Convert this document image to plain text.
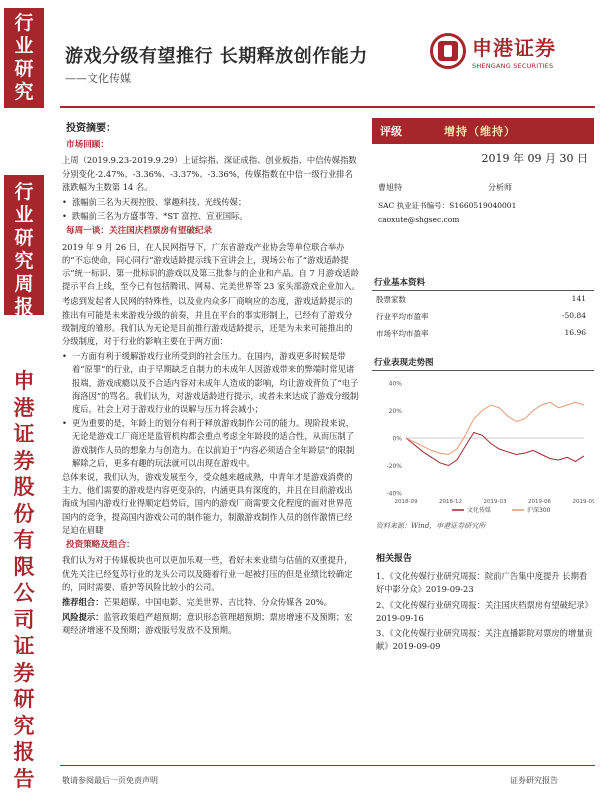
行
业
研
究
行
业
研
究
周
报
申
港
证
券
股
份
有
限
公
司
证
券
研
究
报
告
游戏分级有望推行 长期释放创作能力
——文化传媒
申港证券
SHENGANG SECURITIES
投资摘要：
市场回顾：
上周（2019.9.23-2019.9.29）上证综指、深证成指、创业板指、中信传媒指数分别变化-2.47%、-3.36%、-3.37%、-3.36%，传媒指数在中信一级行业排名涨跌幅为主数第 14 名。
• 涨幅前三名为天视控股、掌趣科技、光线传媒；
• 跌幅前三名为方盛事等、*ST 富控、宣亚国际。
每周一谈：关注国庆档票房有望破纪录
2019 年 9 月 26 日，在人民网指导下，广东省游戏产业协会等单位联合举办的“不忘使命，同心同行”游戏适龄提示线下宣讲会上，现场公布了“游戏适龄提示”统一标识、第一批标识的游戏以及第三批参与的企业和产品。自 7 月游戏适龄提示平台上线，至今已有包括腾讯、网易、完美世界等 23 家头部游戏企业加入。
考虑到发起者人民网的特殊性，以及业内众多厂商响应的态度，游戏适龄提示的推出有可能是未来游戏分级的前奏，并且在平台的事实形制上，已经有了游戏分级制度的雏形。我们认为无论是目前推行游戏适龄提示，还是为未来可能推出的分级制度，对于行业的影响主要在于两方面：
• 一方面有利于缓解游戏行业所受到的社会压力。在国内，游戏更多时候是带着“原罪”的行业，由于早期缺乏自制力的未成年人因游戏带来的弊端时常见诸报端，游戏成瘾以及不合适内容对未成年人造成的影响，均让游戏背负了“电子海洛因”的骂名。我们认为，对游戏适龄进行提示，或者未来达成了游戏分级制度后，社会上对于游戏行业的误解与压力将会减小；
• 更为重要的是，年龄上的划分有利于释放游戏制作公司的能力。现阶段来说，无论是游戏工厂商还是监管机构都会重点考虑全年龄段的适合性，从而压制了游戏制作人员的想象力与创造力。在以前迫于“内容必须适合全年龄层”的限制解除之后，更多有趣的玩法就可以出现在游戏中。
总体来说，我们认为，游戏发展至今，受众越来越成熟，中青年才是游戏消费的主力，他们需要的游戏是内容更变杂的，内涵更具有深度的，并且在目前游戏出海成为国内游戏行业得顺定趋势后，国内的游戏厂商需要文化程度的面对世界范国内的竞争，提高国内游戏公司的制作能力，制激游戏制作人员的创作激情已经足迫在眉睫
投资策略及组合：
我们认为对于传媒板块也可以更加乐观一些，看好未来业绩与估值的双重提升，优先关注已经复苏行业的龙头公司以及随着行业一起被打压的但是业绩比较确定的，同时需要、盾护等风险比较小的公司。
推荐组合：芒果超媒、中国电影、完美世界、吉比特、分众传媒各 20%。
风险提示：监管政策趋严超预期；意识形态管理超预期；票房增速不及预期；宏观经济增速不及预期；游戏版号发放不及预期。
评级	增持（维持）
2019 年 09 月 30 日
曹旭特	分析师
SAC 执业证书编号：S1660519040001
caoxute@shgsec.com
行业基本资料
股票家数	141
行业平均市盈率	-50.84
市场平均市盈率	16.96
行业表现走势图
-40%
-20%
0%
20%
40%
2018-09	2018-12	2019-03	2019-06	2019-09
文化传媒	沪深300
资料来源：Wind，申港证券研究所
相关报告
1、《文化传媒行业研究周报：院前广告集中度提升 长期看好中影分众》2019-09-23
2、《文化传媒行业研究周报：关注国庆档票房有望破纪录》2019-09-16
3、《文化传媒行业研究周报：关注直播影院对票房的增量贡献》2019-09-09
敬请参阅最后一页免责声明	证券研究报告
